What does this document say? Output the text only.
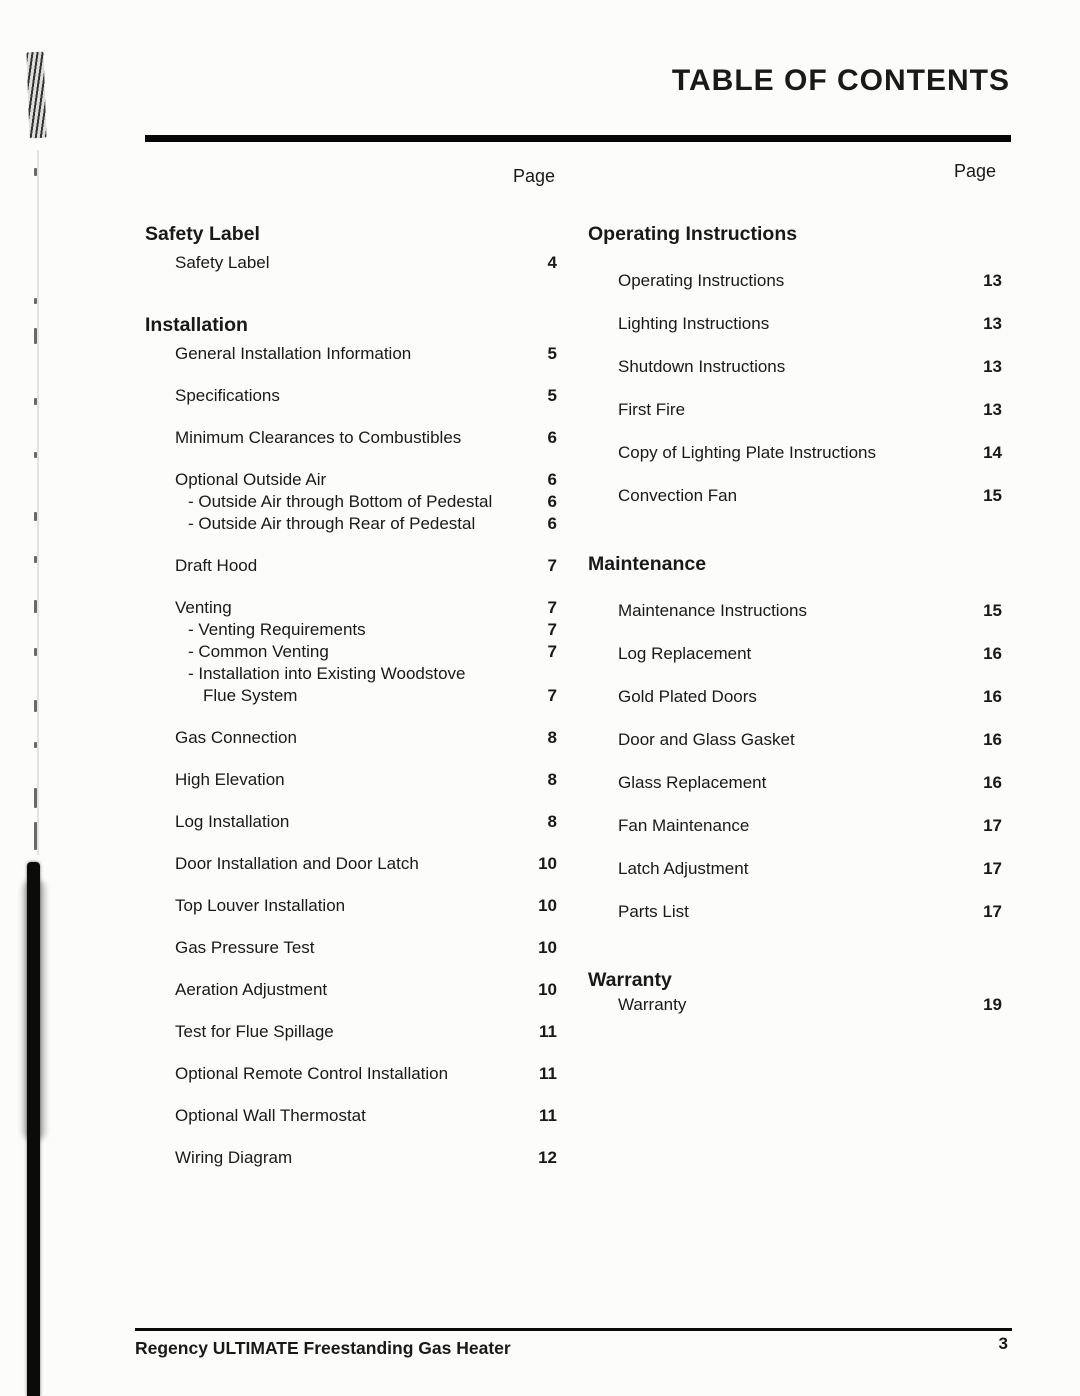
TABLE OF CONTENTS
Page
Safety Label
Safety Label	4
Installation
General Installation Information	5
Specifications	5
Minimum Clearances to Combustibles	6
Optional Outside Air	6
- Outside Air through Bottom of Pedestal	6
- Outside Air through Rear of Pedestal	6
Draft Hood	7
Venting	7
- Venting Requirements	7
- Common Venting	7
- Installation into Existing Woodstove
Flue System	7
Gas Connection	8
High Elevation	8
Log Installation	8
Door Installation and Door Latch	10
Top Louver Installation	10
Gas Pressure Test	10
Aeration Adjustment	10
Test for Flue Spillage	11
Optional Remote Control Installation	11
Optional Wall Thermostat	11
Wiring Diagram	12
Page
Operating Instructions
Operating Instructions	13
Lighting Instructions	13
Shutdown Instructions	13
First Fire	13
Copy of Lighting Plate Instructions	14
Convection Fan	15
Maintenance
Maintenance Instructions	15
Log Replacement	16
Gold Plated Doors	16
Door and Glass Gasket	16
Glass Replacement	16
Fan Maintenance	17
Latch Adjustment	17
Parts List	17
Warranty
Warranty	19
Regency ULTIMATE Freestanding Gas Heater	3
